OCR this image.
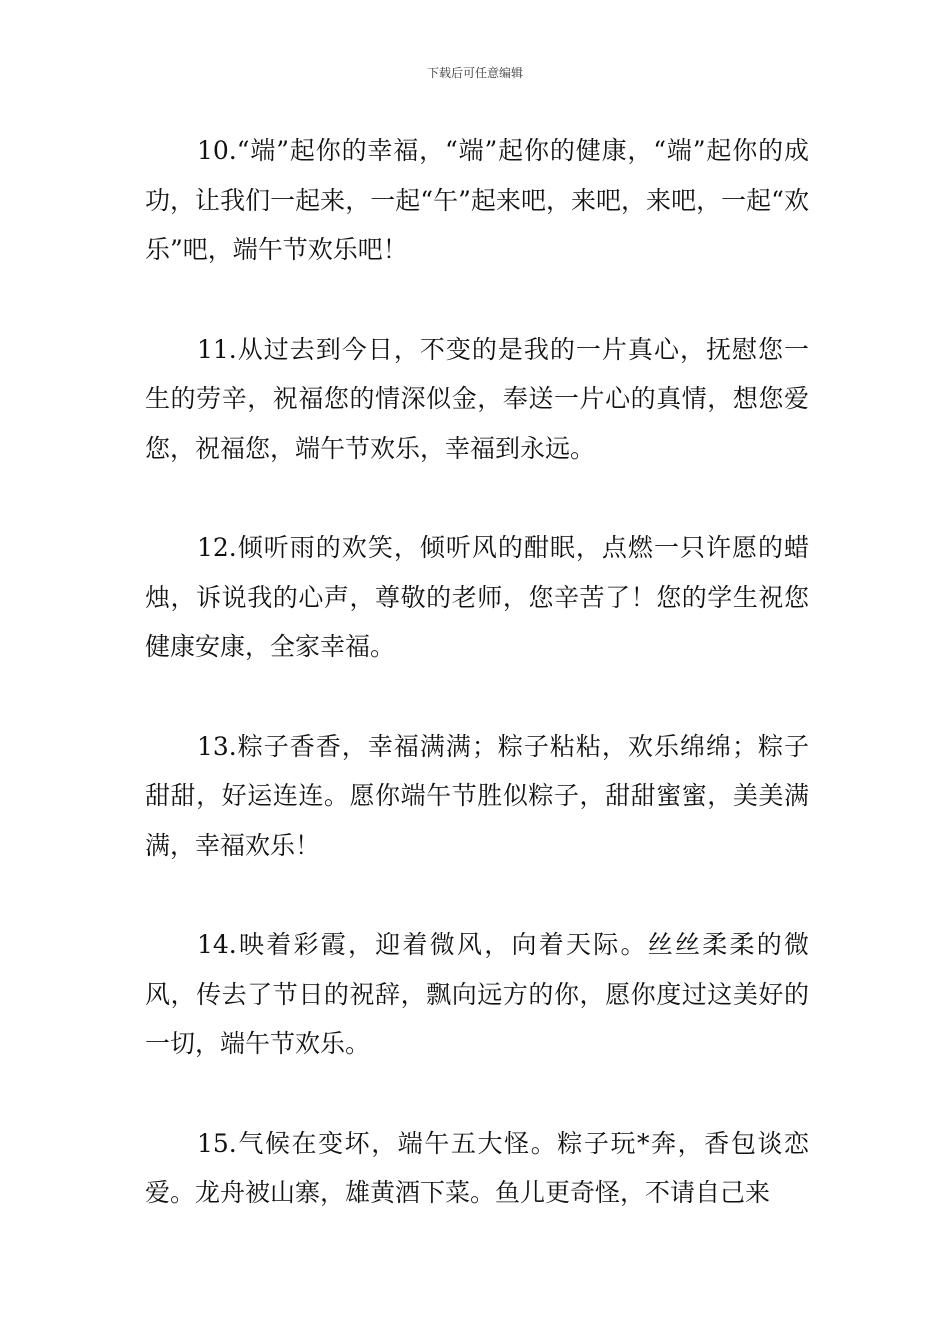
下载后可任意编辑

10.“端”起你的幸福，“端”起你的健康，“端”起你的成功，让我们一起来，一起“午”起来吧，来吧，来吧，一起“欢乐”吧，端午节欢乐吧！

11.从过去到今日，不变的是我的一片真心，抚慰您一生的劳辛，祝福您的情深似金，奉送一片心的真情，想您爱您，祝福您，端午节欢乐，幸福到永远。

12.倾听雨的欢笑，倾听风的酣眠，点燃一只许愿的蜡烛，诉说我的心声，尊敬的老师，您辛苦了！您的学生祝您健康安康，全家幸福。

13.粽子香香，幸福满满；粽子粘粘，欢乐绵绵；粽子甜甜，好运连连。愿你端午节胜似粽子，甜甜蜜蜜，美美满满，幸福欢乐！

14.映着彩霞，迎着微风，向着天际。丝丝柔柔的微风，传去了节日的祝辞，飘向远方的你，愿你度过这美好的一切，端午节欢乐。

15.气候在变坏，端午五大怪。粽子玩*奔，香包谈恋爱。龙舟被山寨，雄黄酒下菜。鱼儿更奇怪，不请自己来
